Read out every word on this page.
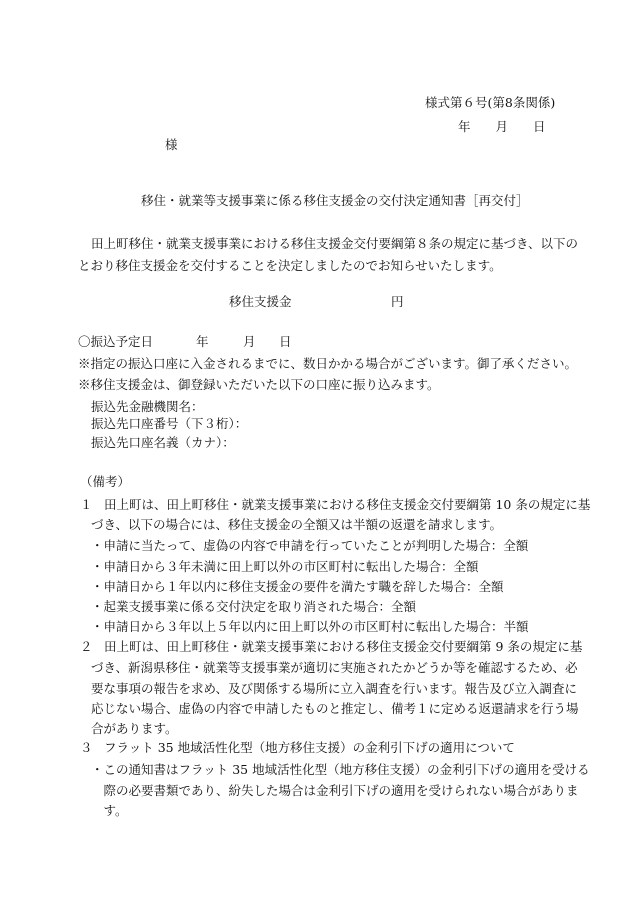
様式第６号(第8条関係)
年　　月　　日
様
移住・就業等支援事業に係る移住支援金の交付決定通知書［再交付］
田上町移住・就業支援事業における移住支援金交付要綱第８条の規定に基づき、以下の
とおり移住支援金を交付することを決定しましたのでお知らせいたします。
移住支援金	円
〇振込予定日	年	月 日
※指定の振込口座に入金されるまでに、数日かかる場合がございます。御了承ください。
※移住支援金は、御登録いただいた以下の口座に振り込みます。
振込先金融機関名：
振込先口座番号（下３桁）：
振込先口座名義（カナ）：
（備考）
１ 田上町は、田上町移住・就業支援事業における移住支援金交付要綱第 10 条の規定に基
づき、以下の場合には、移住支援金の全額又は半額の返還を請求します。
・申請に当たって、虚偽の内容で申請を行っていたことが判明した場合：全額
・申請日から３年未満に田上町以外の市区町村に転出した場合：全額
・申請日から１年以内に移住支援金の要件を満たす職を辞した場合：全額
・起業支援事業に係る交付決定を取り消された場合：全額
・申請日から３年以上５年以内に田上町以外の市区町村に転出した場合：半額
２ 田上町は、田上町移住・就業支援事業における移住支援金交付要綱第 9 条の規定に基
づき、新潟県移住・就業等支援事業が適切に実施されたかどうか等を確認するため、必
要な事項の報告を求め、及び関係する場所に立入調査を行います。報告及び立入調査に
応じない場合、虚偽の内容で申請したものと推定し、備考１に定める返還請求を行う場
合があります。
３ フラット 35 地域活性化型（地方移住支援）の金利引下げの適用について
・この通知書はフラット 35 地域活性化型（地方移住支援）の金利引下げの適用を受ける
　際の必要書類であり、紛失した場合は金利引下げの適用を受けられない場合がありま
　す。
